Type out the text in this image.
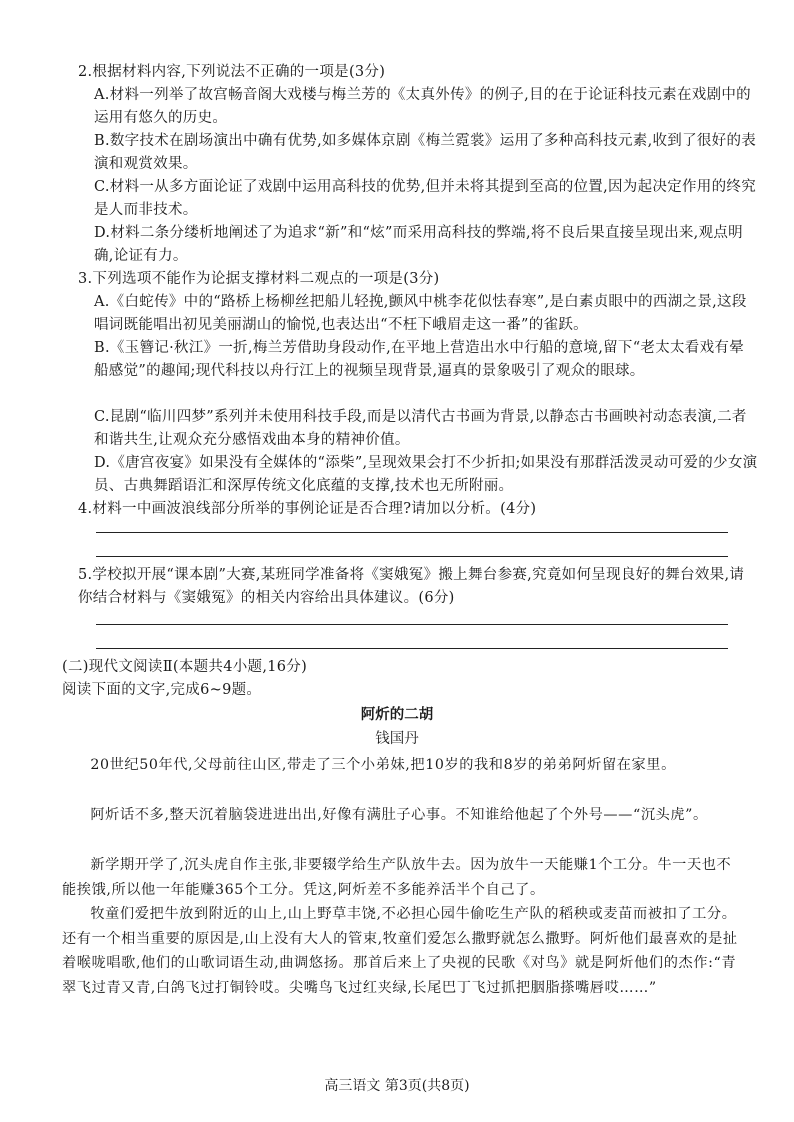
2.根据材料内容,下列说法不正确的一项是(3分)
A.材料一列举了故宫畅音阁大戏楼与梅兰芳的《太真外传》的例子,目的在于论证科技元素在戏剧中的运用有悠久的历史。
B.数字技术在剧场演出中确有优势,如多媒体京剧《梅兰霓裳》运用了多种高科技元素,收到了很好的表演和观赏效果。
C.材料一从多方面论证了戏剧中运用高科技的优势,但并未将其提到至高的位置,因为起决定作用的终究是人而非技术。
D.材料二条分缕析地阐述了为追求“新”和“炫”而采用高科技的弊端,将不良后果直接呈现出来,观点明确,论证有力。
3.下列选项不能作为论据支撑材料二观点的一项是(3分)
A.《白蛇传》中的“路桥上杨柳丝把船儿轻挽,颤风中桃李花似怯春寒”,是白素贞眼中的西湖之景,这段唱词既能唱出初见美丽湖山的愉悦,也表达出“不枉下峨眉走这一番”的雀跃。
B.《玉簪记·秋江》一折,梅兰芳借助身段动作,在平地上营造出水中行船的意境,留下“老太太看戏有晕船感觉”的趣闻;现代科技以舟行江上的视频呈现背景,逼真的景象吸引了观众的眼球。
C.昆剧“临川四梦”系列并未使用科技手段,而是以清代古书画为背景,以静态古书画映衬动态表演,二者和谐共生,让观众充分感悟戏曲本身的精神价值。
D.《唐宫夜宴》如果没有全媒体的“添柴”,呈现效果会打不少折扣;如果没有那群活泼灵动可爱的少女演员、古典舞蹈语汇和深厚传统文化底蕴的支撑,技术也无所附丽。
4.材料一中画波浪线部分所举的事例论证是否合理?请加以分析。(4分)
5.学校拟开展“课本剧”大赛,某班同学准备将《窦娥冤》搬上舞台参赛,究竟如何呈现良好的舞台效果,请你结合材料与《窦娥冤》的相关内容给出具体建议。(6分)
(二)现代文阅读Ⅱ(本题共4小题,16分)
阅读下面的文字,完成6~9题。
阿炘的二胡
钱国丹
20世纪50年代,父母前往山区,带走了三个小弟妹,把10岁的我和8岁的弟弟阿炘留在家里。
阿炘话不多,整天沉着脑袋进进出出,好像有满肚子心事。不知谁给他起了个外号——“沉头虎”。
新学期开学了,沉头虎自作主张,非要辍学给生产队放牛去。因为放牛一天能赚1个工分。牛一天也不能挨饿,所以他一年能赚365个工分。凭这,阿炘差不多能养活半个自己了。
牧童们爱把牛放到附近的山上,山上野草丰饶,不必担心园牛偷吃生产队的稻秧或麦苗而被扣了工分。还有一个相当重要的原因是,山上没有大人的管束,牧童们爱怎么撒野就怎么撒野。阿炘他们最喜欢的是扯着喉咙唱歌,他们的山歌词语生动,曲调悠扬。那首后来上了央视的民歌《对鸟》就是阿炘他们的杰作:“青翠飞过青又青,白鸽飞过打铜铃哎。尖嘴鸟飞过红夹绿,长尾巴丁飞过抓把胭脂搽嘴唇哎……”
高三语文 第3页(共8页)
